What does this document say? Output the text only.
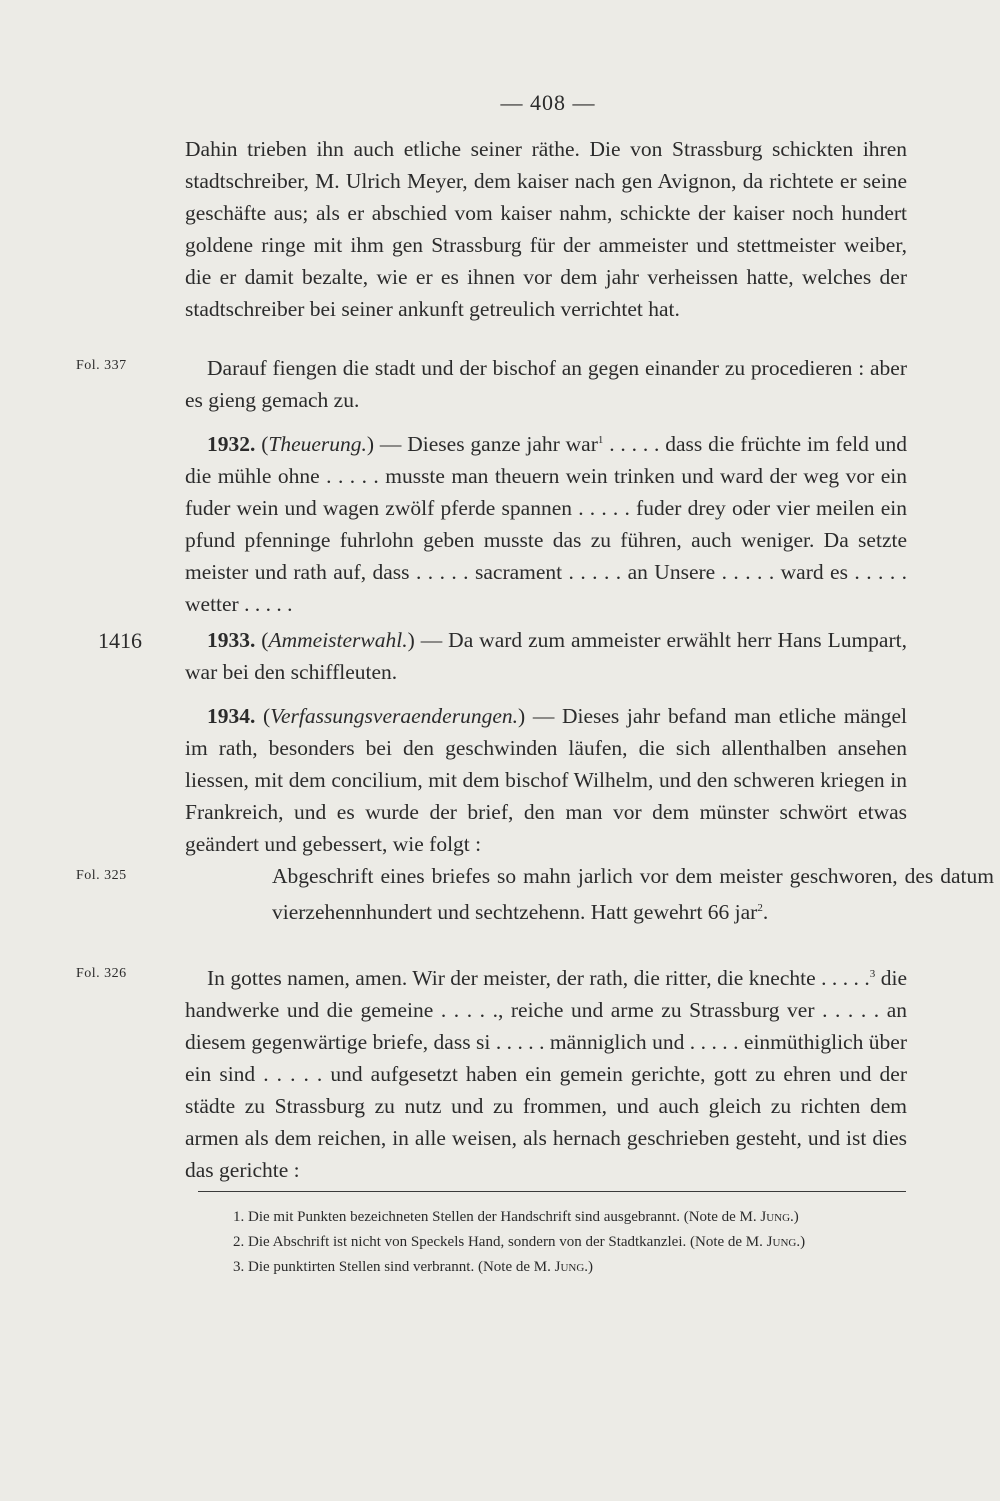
— 408 —
Dahin trieben ihn auch etliche seiner räthe. Die von Strassburg schickten ihren stadtschreiber, M. Ulrich Meyer, dem kaiser nach gen Avignon, da richtete er seine geschäfte aus; als er abschied vom kaiser nahm, schickte der kaiser noch hundert goldene ringe mit ihm gen Strassburg für der ammeister und stettmeister weiber, die er damit bezalte, wie er es ihnen vor dem jahr verheissen hatte, welches der stadtschreiber bei seiner ankunft getreulich verrichtet hat.
Fol. 337	Darauf fiengen die stadt und der bischof an gegen einander zu procedieren : aber es gieng gemach zu.
1932. (Theuerung.) — Dieses ganze jahr war$^1$ . . . . . dass die früchte im feld und die mühle ohne . . . . . musste man theuern wein trinken und ward der weg vor ein fuder wein und wagen zwölf pferde spannen . . . . . fuder drey oder vier meilen ein pfund pfenninge fuhrlohn geben musste das zu führen, auch weniger. Da setzte meister und rath auf, dass . . . . . sacrament . . . . . an Unsere . . . . . ward es . . . . . wetter . . . . .
1416	1933. (Ammeisterwahl.) — Da ward zum ammeister erwählt herr Hans Lumpart, war bei den schiffleuten.
1934. (Verfassungsveraenderungen.) — Dieses jahr befand man etliche mängel im rath, besonders bei den geschwinden läufen, die sich allenthalben ansehen liessen, mit dem concilium, mit dem bischof Wilhelm, und den schweren kriegen in Frankreich, und es wurde der brief, den man vor dem münster schwört etwas geändert und gebessert, wie folgt :
Fol. 325	Abgeschrift eines briefes so mahn jarlich vor dem meister geschworen, des datum vierzehennhundert und sechtzehenn. Hatt gewehrt 66 jar$^2$.
Fol. 326	In gottes namen, amen. Wir der meister, der rath, die ritter, die knechte . . . . .$^3$ die handwerke und die gemeine . . . . ., reiche und arme zu Strassburg ver . . . . . an diesem gegenwärtige briefe, dass si . . . . . männiglich und . . . . . einmüthiglich über ein sind . . . . . und aufgesetzt haben ein gemein gerichte, gott zu ehren und der städte zu Strassburg zu nutz und zu frommen, und auch gleich zu richten dem armen als dem reichen, in alle weisen, als hernach geschrieben gesteht, und ist dies das gerichte :
1. Die mit Punkten bezeichneten Stellen der Handschrift sind ausgebrannt. (Note de M. Jung.)
2. Die Abschrift ist nicht von Speckels Hand, sondern von der Stadtkanzlei. (Note de M. Jung.)
3. Die punktirten Stellen sind verbrannt. (Note de M. Jung.)
